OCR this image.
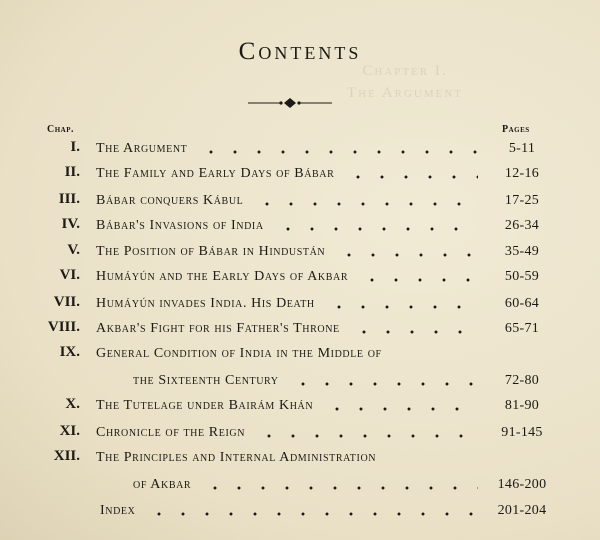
Chapter I.
The Argument
Contents
Chap.	Pages
I. The Argument	5-11
II. The Family and Early Days of Bábar	12-16
III. Bábar conquers Kábul	17-25
IV. Bábar's Invasions of India	26-34
V. The Position of Bábar in Hindustán	35-49
VI. Humáyún and the Early Days of Akbar	50-59
VII. Humáyún invades India. His Death	60-64
VIII. Akbar's Fight for his Father's Throne	65-71
IX. General Condition of India in the Middle of
the Sixteenth Century	72-80
X. The Tutelage under Bairám Khán	81-90
XI. Chronicle of the Reign	91-145
XII. The Principles and Internal Administration
of Akbar	146-200
Index	201-204
